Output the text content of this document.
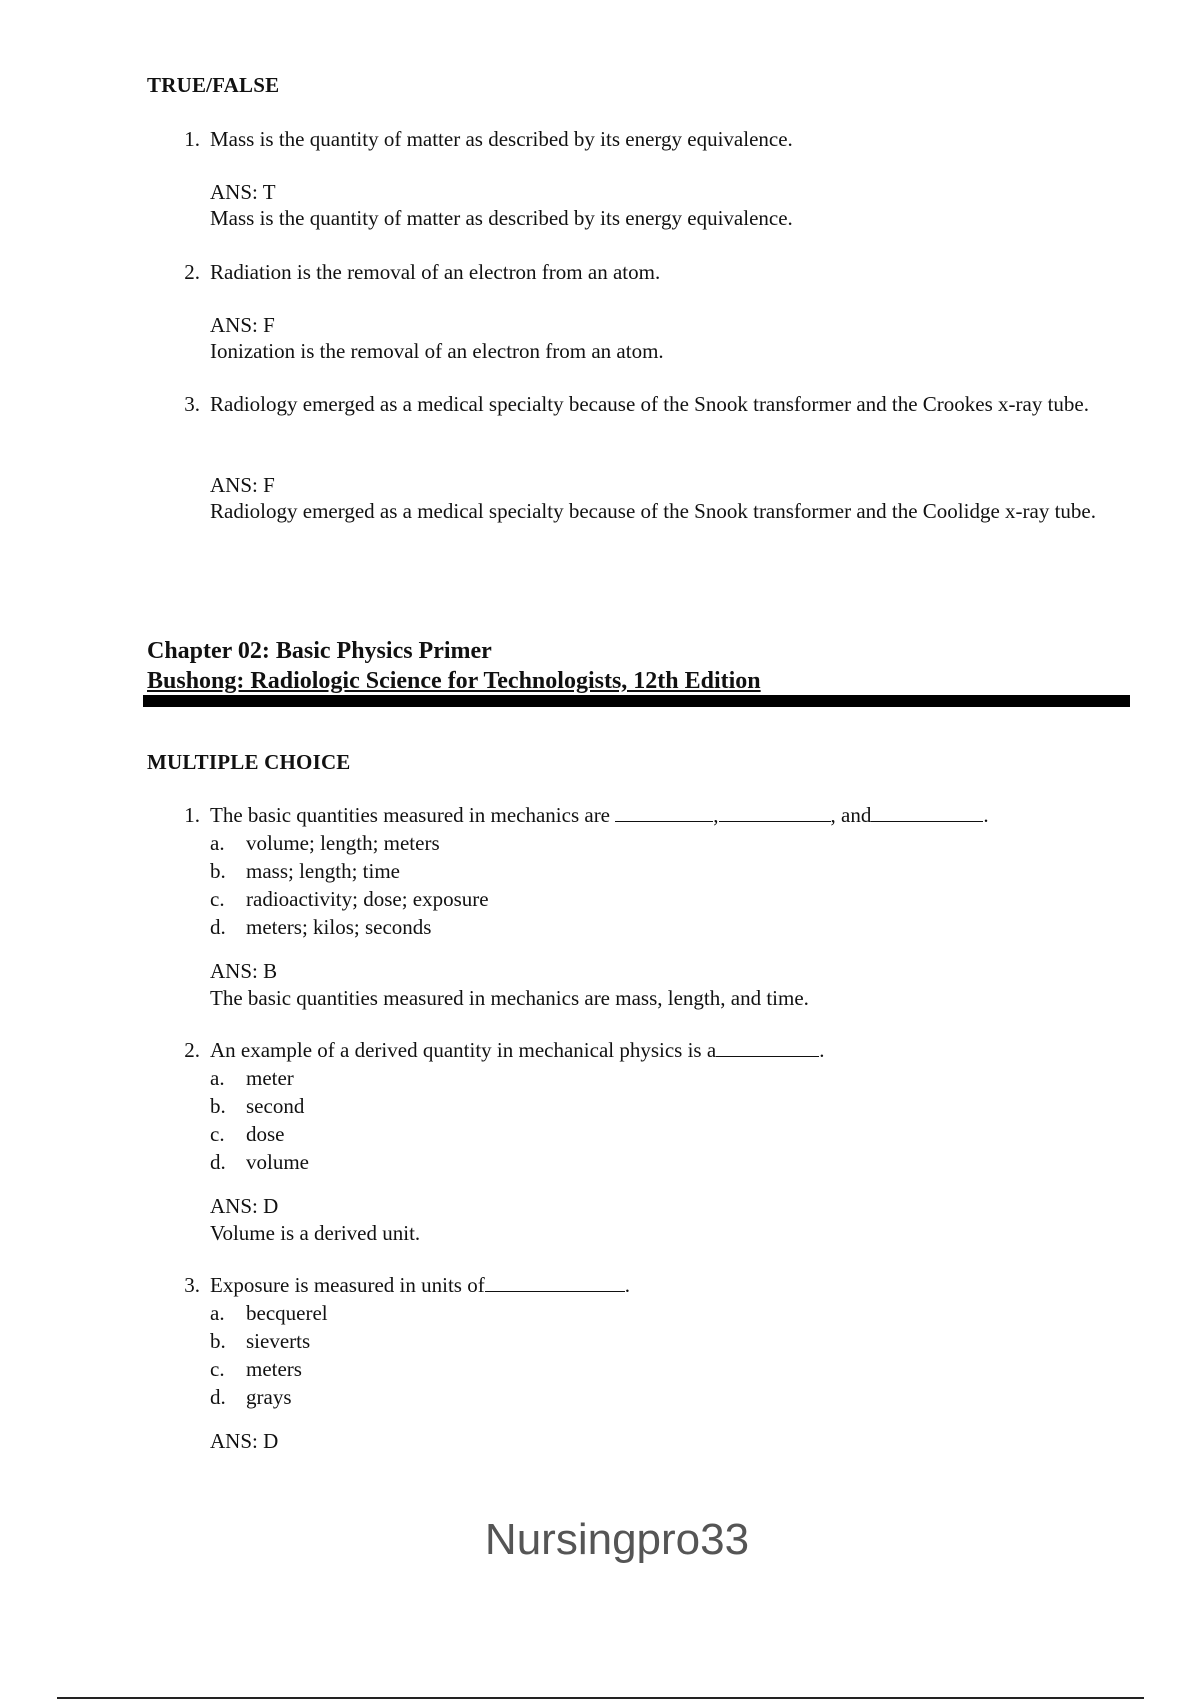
TRUE/FALSE
1. Mass is the quantity of matter as described by its energy equivalence.
ANS: T
Mass is the quantity of matter as described by its energy equivalence.
2. Radiation is the removal of an electron from an atom.
ANS: F
Ionization is the removal of an electron from an atom.
3. Radiology emerged as a medical specialty because of the Snook transformer and the Crookes x-ray tube.
ANS: F
Radiology emerged as a medical specialty because of the Snook transformer and the Coolidge x-ray tube.
Chapter 02: Basic Physics Primer
Bushong: Radiologic Science for Technologists, 12th Edition
MULTIPLE CHOICE
1. The basic quantities measured in mechanics are	,	, and	.
a. volume; length; meters
b. mass; length; time
c. radioactivity; dose; exposure
d. meters; kilos; seconds
ANS: B
The basic quantities measured in mechanics are mass, length, and time.
2. An example of a derived quantity in mechanical physics is a	.
a. meter
b. second
c. dose
d. volume
ANS: D
Volume is a derived unit.
3. Exposure is measured in units of	.
a. becquerel
b. sieverts
c. meters
d. grays
ANS: D
Nursingpro33
